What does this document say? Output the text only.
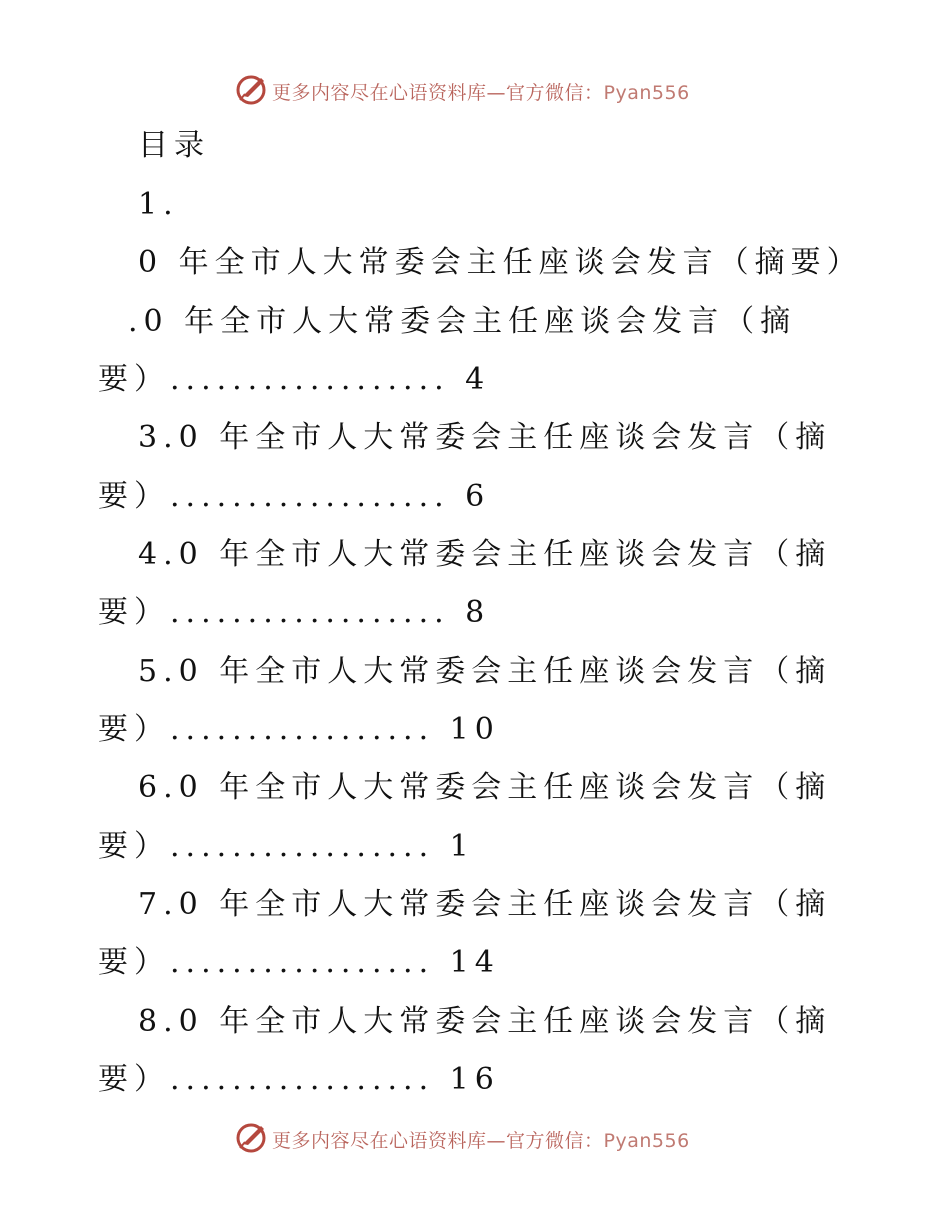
更多内容尽在心语资料库—官方微信：Pyan556
目录
1.
0 年全市人大常委会主任座谈会发言（摘要）
.0 年全市人大常委会主任座谈会发言（摘
要）.................. 4
3.0 年全市人大常委会主任座谈会发言（摘
要）.................. 6
4.0 年全市人大常委会主任座谈会发言（摘
要）.................. 8
5.0 年全市人大常委会主任座谈会发言（摘
要）................. 10
6.0 年全市人大常委会主任座谈会发言（摘
要）................. 1
7.0 年全市人大常委会主任座谈会发言（摘
要）................. 14
8.0 年全市人大常委会主任座谈会发言（摘
要）................. 16
更多内容尽在心语资料库—官方微信：Pyan556
